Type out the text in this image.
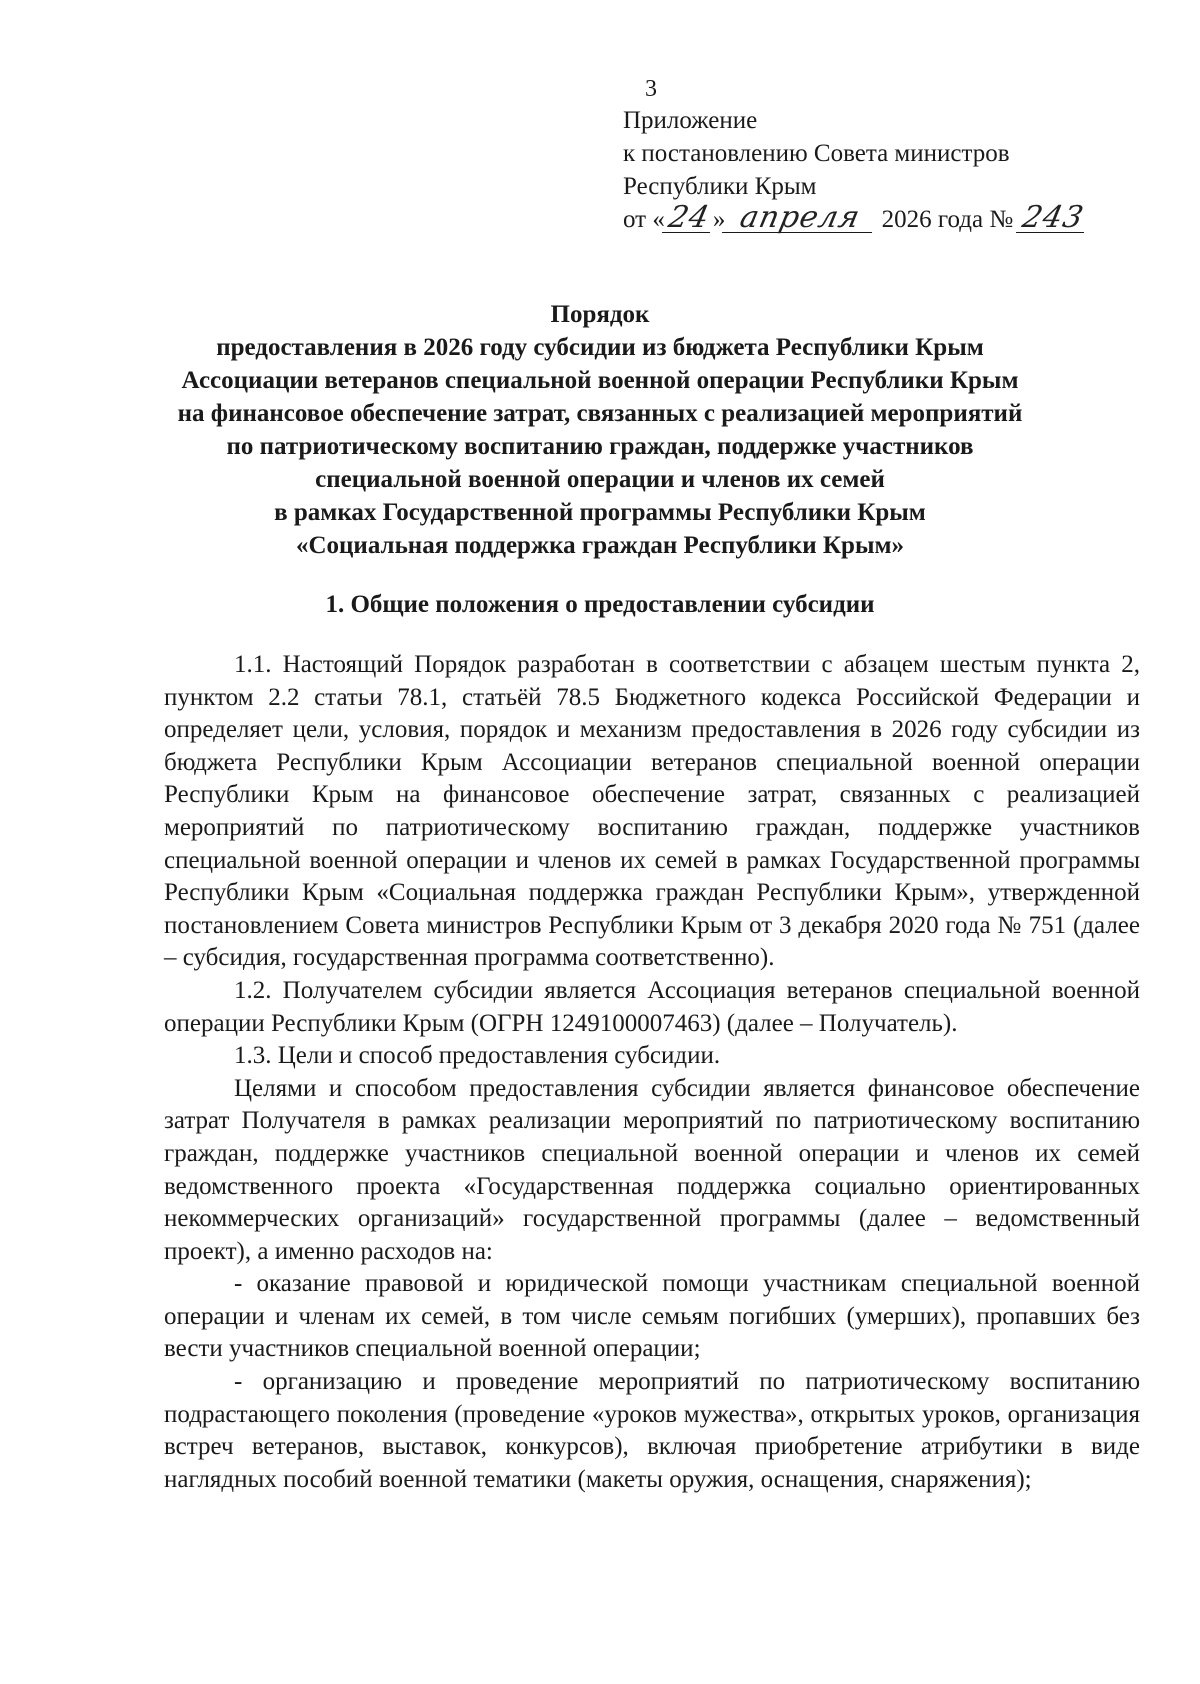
3
Приложение
к постановлению Совета министров
Республики Крым
от «24» апреля 2026 года № 243
Порядок
предоставления в 2026 году субсидии из бюджета Республики Крым
Ассоциации ветеранов специальной военной операции Республики Крым
на финансовое обеспечение затрат, связанных с реализацией мероприятий
по патриотическому воспитанию граждан, поддержке участников
специальной военной операции и членов их семей
в рамках Государственной программы Республики Крым
«Социальная поддержка граждан Республики Крым»
1. Общие положения о предоставлении субсидии

1.1. Настоящий Порядок разработан в соответствии с абзацем шестым пункта 2, пунктом 2.2 статьи 78.1, статьёй 78.5 Бюджетного кодекса Российской Федерации и определяет цели, условия, порядок и механизм предоставления в 2026 году субсидии из бюджета Республики Крым Ассоциации ветеранов специальной военной операции Республики Крым на финансовое обеспечение затрат, связанных с реализацией мероприятий по патриотическому воспитанию граждан, поддержке участников специальной военной операции и членов их семей в рамках Государственной программы Республики Крым «Социальная поддержка граждан Республики Крым», утвержденной постановлением Совета министров Республики Крым от 3 декабря 2020 года № 751 (далее – субсидия, государственная программа соответственно).

1.2. Получателем субсидии является Ассоциация ветеранов специальной военной операции Республики Крым (ОГРН 1249100007463) (далее – Получатель).

1.3. Цели и способ предоставления субсидии.

Целями и способом предоставления субсидии является финансовое обеспечение затрат Получателя в рамках реализации мероприятий по патриотическому воспитанию граждан, поддержке участников специальной военной операции и членов их семей ведомственного проекта «Государственная поддержка социально ориентированных некоммерческих организаций» государственной программы (далее – ведомственный проект), а именно расходов на:

- оказание правовой и юридической помощи участникам специальной военной операции и членам их семей, в том числе семьям погибших (умерших), пропавших без вести участников специальной военной операции;

- организацию и проведение мероприятий по патриотическому воспитанию подрастающего поколения (проведение «уроков мужества», открытых уроков, организация встреч ветеранов, выставок, конкурсов), включая приобретение атрибутики в виде наглядных пособий военной тематики (макеты оружия, оснащения, снаряжения);
